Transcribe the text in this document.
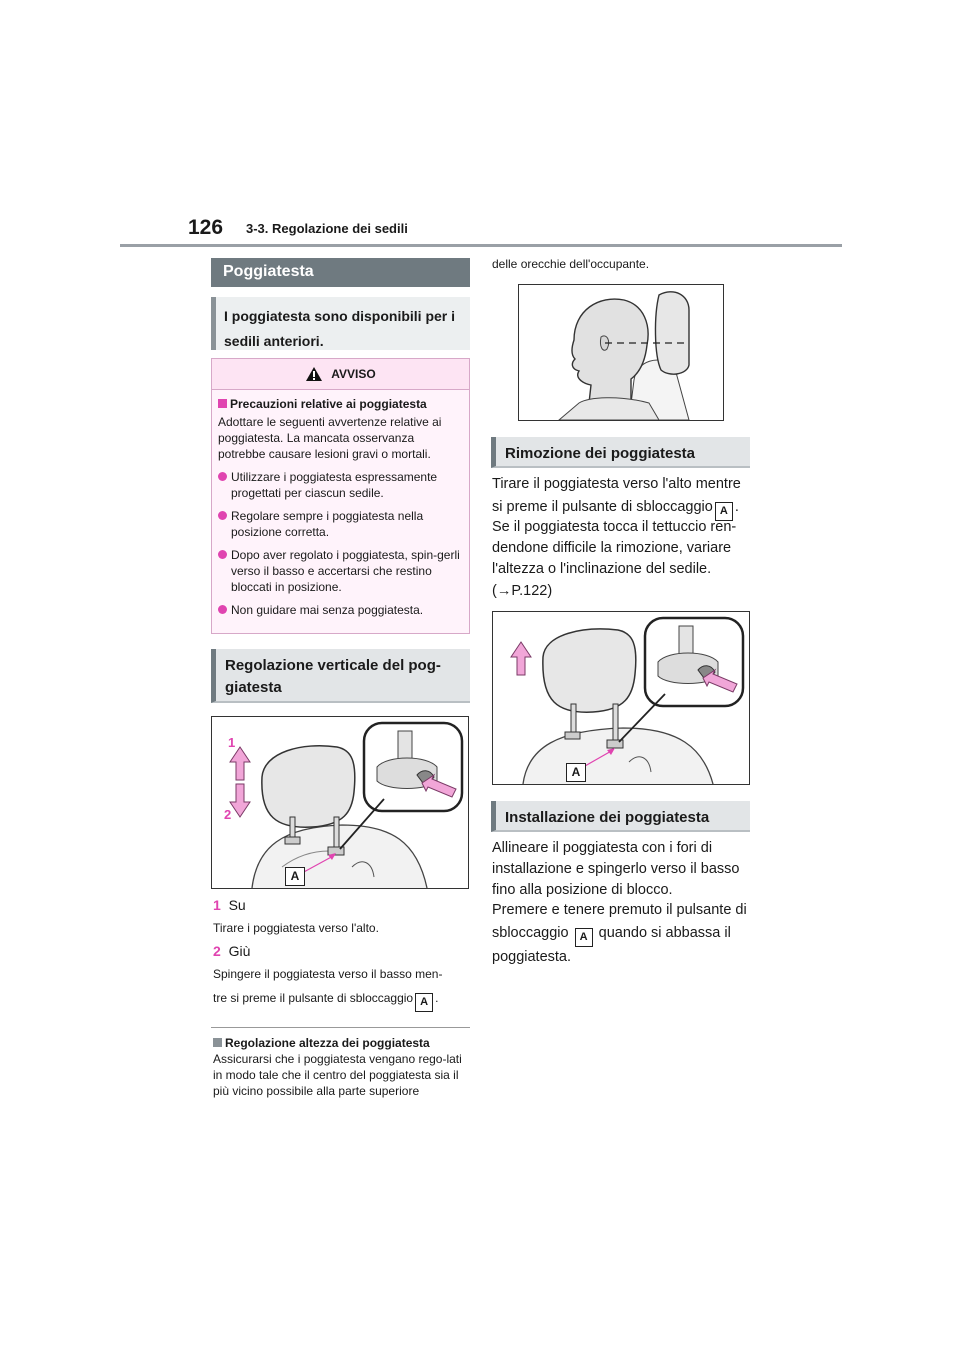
126 3-3. Regolazione dei sedili
Poggiatesta
I poggiatesta sono disponibili per i sedili anteriori.
AVVISO
Precauzioni relative ai poggiatesta
Adottare le seguenti avvertenze relative ai poggiatesta. La mancata osservanza potrebbe causare lesioni gravi o mortali.
Utilizzare i poggiatesta espressamente progettati per ciascun sedile.
Regolare sempre i poggiatesta nella posizione corretta.
Dopo aver regolato i poggiatesta, spin-gerli verso il basso e accertarsi che restino bloccati in posizione.
Non guidare mai senza poggiatesta.
Regolazione verticale del pog-giatesta
1
2
A
1 Su
Tirare i poggiatesta verso l'alto.
2 Giù
Spingere il poggiatesta verso il basso men-
tre si preme il pulsante di sbloccaggio A .
Regolazione altezza dei poggiatesta
Assicurarsi che i poggiatesta vengano rego-lati in modo tale che il centro del poggiatesta sia il più vicino possibile alla parte superiore
delle orecchie dell'occupante.
Rimozione dei poggiatesta
Tirare il poggiatesta verso l'alto mentre
si preme il pulsante di sbloccaggio A .
Se il poggiatesta tocca il tettuccio ren-dendone difficile la rimozione, variare l'altezza o l'inclinazione del sedile.
(→P.122)
A
Installazione dei poggiatesta
Allineare il poggiatesta con i fori di installazione e spingerlo verso il basso fino alla posizione di blocco.
Premere e tenere premuto il pulsante di
sbloccaggio A quando si abbassa il poggiatesta.
